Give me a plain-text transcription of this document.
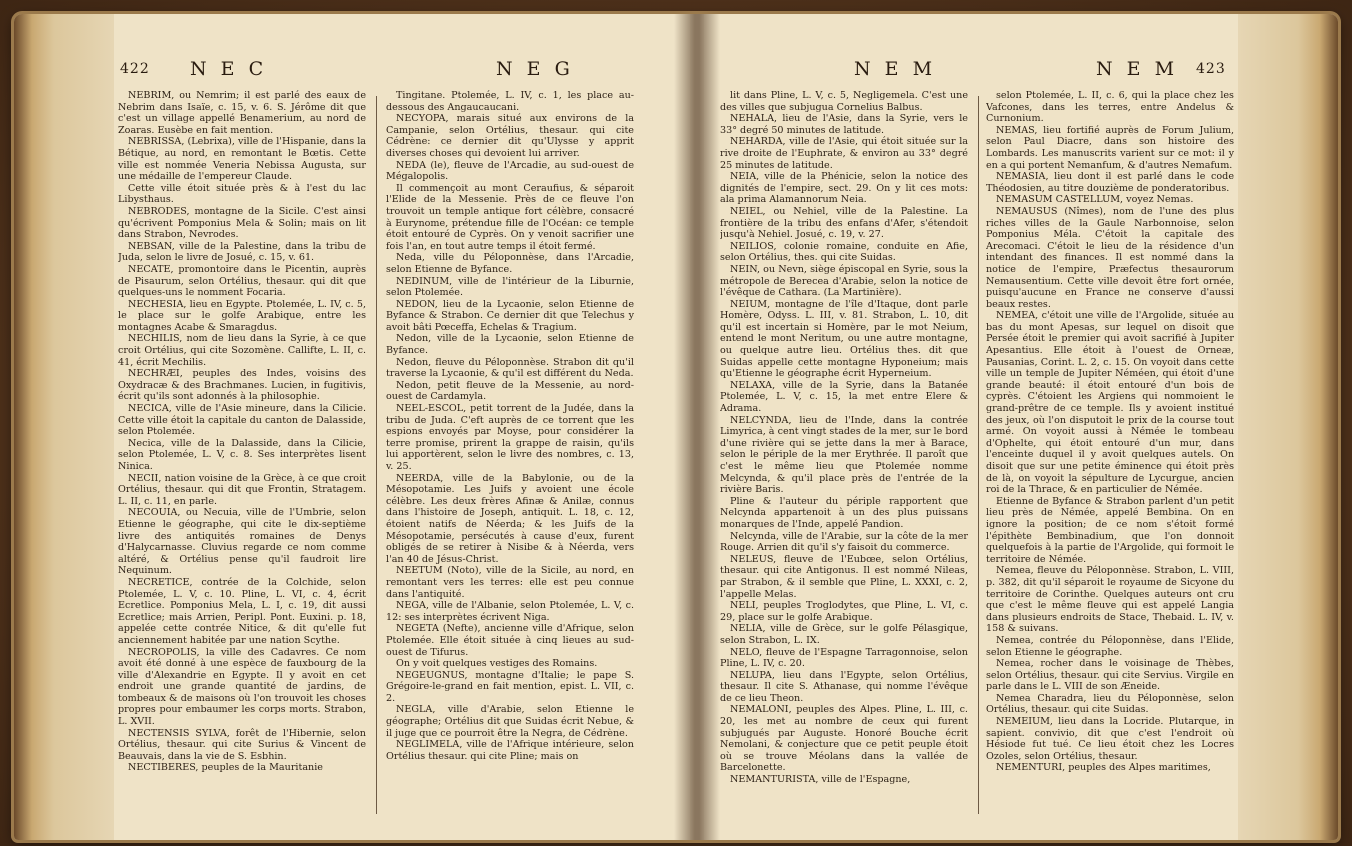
422 N E C	N E G

NEBRIM, ou Nemrim; il est parlé des eaux de Nebrim dans Isaïe, c. 15, v. 6. S. Jérôme dit que c'est un village appellé Benamerium, au nord de Zoaras. Eusèbe en fait mention.

NEBRISSA, (Lebrixa), ville de l'Hispanie, dans la Bétique, au nord, en remontant le Bœtis. Cette ville est nommée Veneria Nebissa Augusta, sur une médaille de l'empereur Claude.

Cette ville étoit située près & à l'est du lac Libysthaus.

NEBRODES, montagne de la Sicile. C'est ainsi qu'écrivent Pomponius Mela & Solin; mais on lit dans Strabon, Nevrodes.

NEBSAN, ville de la Palestine, dans la tribu de Juda, selon le livre de Josué, c. 15, v. 61.

NECATE, promontoire dans le Picentin, auprès de Pisaurum, selon Ortélius, thesaur. qui dit que quelques-uns le nomment Focaria.

NECHESIA, lieu en Egypte. Ptolemée, L. IV, c. 5, le place sur le golfe Arabique, entre les montagnes Acabe & Smaragdus.

NECHILIS, nom de lieu dans la Syrie, à ce que croit Ortélius, qui cite Sozomène. Callifte, L. II, c. 41, écrit Mechilis.

NECHRÆI, peuples des Indes, voisins des Oxydracæ & des Brachmanes. Lucien, in fugitivis, écrit qu'ils sont adonnés à la philosophie.

NECICA, ville de l'Asie mineure, dans la Cilicie. Cette ville étoit la capitale du canton de Dalasside, selon Ptolemée.

Necica, ville de la Dalasside, dans la Cilicie, selon Ptolemée, L. V, c. 8. Ses interprètes lisent Ninica.

NECII, nation voisine de la Grèce, à ce que croit Ortélius, thesaur. qui dit que Frontin, Stratagem. L. II, c. 11, en parle.

NECOUIA, ou Necuia, ville de l'Umbrie, selon Etienne le géographe, qui cite le dix-septième livre des antiquités romaines de Denys d'Halycarnasse. Cluvius regarde ce nom comme altéré, & Ortélius pense qu'il faudroit lire Nequinum.

NECRETICE, contrée de la Colchide, selon Ptolemée, L. V, c. 10. Pline, L. VI, c. 4, écrit Ecretlice. Pomponius Mela, L. I, c. 19, dit aussi Ecretlice; mais Arrien, Peripl. Pont. Euxini. p. 18, appelée cette contrée Nitice, & dit qu'elle fut anciennement habitée par une nation Scythe.

NECROPOLIS, la ville des Cadavres. Ce nom avoit été donné à une espèce de fauxbourg de la ville d'Alexandrie en Egypte. Il y avoit en cet endroit une grande quantité de jardins, de tombeaux & de maisons où l'on trouvoit les choses propres pour embaumer les corps morts. Strabon, L. XVII.

NECTENSIS SYLVA, forêt de l'Hibernie, selon Ortélius, thesaur. qui cite Surius & Vincent de Beauvais, dans la vie de S. Esbhin.

NECTIBERES, peuples de la Mauritanie

Tingitane. Ptolemée, L. IV, c. 1, les place au-dessous des Angaucaucani.

NECYOPA, marais situé aux environs de la Campanie, selon Ortélius, thesaur. qui cite Cédrène: ce dernier dit qu'Ulysse y apprit diverses choses qui devoient lui arriver.

NEDA (le), fleuve de l'Arcadie, au sud-ouest de Mégalopolis.

Il commençoit au mont Ceraufius, & séparoit l'Elide de la Messenie. Près de ce fleuve l'on trouvoit un temple antique fort célèbre, consacré à Eurynome, prétendue fille de l'Océan: ce temple étoit entouré de Cyprès. On y venoit sacrifier une fois l'an, en tout autre temps il étoit fermé.

Neda, ville du Péloponnèse, dans l'Arcadie, selon Etienne de Byfance.

NEDINUM, ville de l'intérieur de la Liburnie, selon Ptolemée.

NEDON, lieu de la Lycaonie, selon Etienne de Byfance & Strabon. Ce dernier dit que Telechus y avoit bâti Pœceffa, Echelas & Tragium.

Nedon, ville de la Lycaonie, selon Etienne de Byfance.

Nedon, fleuve du Péloponnèse. Strabon dit qu'il traverse la Lycaonie, & qu'il est différent du Neda.

Nedon, petit fleuve de la Messenie, au nord-ouest de Cardamyla.

NEEL-ESCOL, petit torrent de la Judée, dans la tribu de Juda. C'eft auprès de ce torrent que les espions envoyés par Moyse, pour considérer la terre promise, prirent la grappe de raisin, qu'ils lui apportèrent, selon le livre des nombres, c. 13, v. 25.

NEERDA, ville de la Babylonie, ou de la Mésopotamie. Les Juifs y avoient une école célèbre. Les deux frères Afinæ & Anilæ, connus dans l'histoire de Joseph, antiquit. L. 18, c. 12, étoient natifs de Néerda; & les Juifs de la Mésopotamie, persécutés à cause d'eux, furent obligés de se retirer à Nisibe & à Néerda, vers l'an 40 de Jésus-Christ.

NEETUM (Noto), ville de la Sicile, au nord, en remontant vers les terres: elle est peu connue dans l'antiquité.

NEGA, ville de l'Albanie, selon Ptolemée, L. V, c. 12: ses interprètes écrivent Niga.

NEGETA (Nefte), ancienne ville d'Afrique, selon Ptolemée. Elle étoit située à cinq lieues au sud-ouest de Tifurus.

On y voit quelques vestiges des Romains.

NEGEUGNUS, montagne d'Italie; le pape S. Grégoire-le-grand en fait mention, epist. L. VII, c. 2.

NEGLA, ville d'Arabie, selon Etienne le géographe; Ortélius dit que Suidas écrit Nebue, & il juge que ce pourroit être la Negra, de Cédrène.

NEGLIMELA, ville de l'Afrique intérieure, selon Ortélius thesaur. qui cite Pline; mais on

N E M	N E M 423

lit dans Pline, L. V, c. 5, Negligemela. C'est une des villes que subjugua Cornelius Balbus.

NEHALA, lieu de l'Asie, dans la Syrie, vers le 33° degré 50 minutes de latitude.

NEHARDA, ville de l'Asie, qui étoit située sur la rive droite de l'Euphrate, & environ au 33° degré 25 minutes de latitude.

NEIA, ville de la Phénicie, selon la notice des dignités de l'empire, sect. 29. On y lit ces mots: ala prima Alamannorum Neia.

NEIEL, ou Nehiel, ville de la Palestine. La frontière de la tribu des enfans d'Afer, s'étendoit jusqu'à Nehiel. Josué, c. 19, v. 27.

NEILIOS, colonie romaine, conduite en Afie, selon Ortélius, thes. qui cite Suidas.

NEIN, ou Nevn, siège épiscopal en Syrie, sous la métropole de Berecea d'Arabie, selon la notice de l'évêque de Cathara. (La Martinière).

NEIUM, montagne de l'île d'Itaque, dont parle Homère, Odyss. L. III, v. 81. Strabon, L. 10, dit qu'il est incertain si Homère, par le mot Neium, entend le mont Neritum, ou une autre montagne, ou quelque autre lieu. Ortélius thes. dit que Suidas appelle cette montagne Hyponeium; mais qu'Etienne le géographe écrit Hyperneium.

NELAXA, ville de la Syrie, dans la Batanée Ptolemée, L. V, c. 15, la met entre Elere & Adrama.

NELCYNDA, lieu de l'Inde, dans la contrée Limyrica, à cent vingt stades de la mer, sur le bord d'une rivière qui se jette dans la mer à Barace, selon le périple de la mer Erythrée. Il paroît que c'est le même lieu que Ptolemée nomme Melcynda, & qu'il place près de l'entrée de la rivière Baris.

Pline & l'auteur du périple rapportent que Nelcynda appartenoit à un des plus puissans monarques de l'Inde, appelé Pandion.

Nelcynda, ville de l'Arabie, sur la côte de la mer Rouge. Arrien dit qu'il s'y faisoit du commerce.

NELEUS, fleuve de l'Eubœe, selon Ortélius, thesaur. qui cite Antigonus. Il est nommé Nileas, par Strabon, & il semble que Pline, L. XXXI, c. 2, l'appelle Melas.

NELI, peuples Troglodytes, que Pline, L. VI, c. 29, place sur le golfe Arabique.

NELIA, ville de Grèce, sur le golfe Pélasgique, selon Strabon, L. IX.

NELO, fleuve de l'Espagne Tarragonnoise, selon Pline, L. IV, c. 20.

NELUPA, lieu dans l'Egypte, selon Ortélius, thesaur. Il cite S. Athanase, qui nomme l'évêque de ce lieu Theon.

NEMALONI, peuples des Alpes. Pline, L. III, c. 20, les met au nombre de ceux qui furent subjugués par Auguste. Honoré Bouche écrit Nemolani, & conjecture que ce petit peuple étoit où se trouve Méolans dans la vallée de Barcelonette.

NEMANTURISTA, ville de l'Espagne,

selon Ptolemée, L. II, c. 6, qui la place chez les Vafcones, dans les terres, entre Andelus & Curnonium.

NEMAS, lieu fortifié auprès de Forum Julium, selon Paul Diacre, dans son histoire des Lombards. Les manuscrits varient sur ce mot: il y en a qui portent Nemanfum, & d'autres Nemafum.

NEMASIA, lieu dont il est parlé dans le code Théodosien, au titre douzième de ponderatoribus.

NEMASUM CASTELLUM, voyez Nemas.

NEMAUSUS (Nîmes), nom de l'une des plus riches villes de la Gaule Narbonnoise, selon Pomponius Méla. C'étoit la capitale des Arecomaci. C'étoit le lieu de la résidence d'un intendant des finances. Il est nommé dans la notice de l'empire, Præfectus thesaurorum Nemausentium. Cette ville devoit être fort ornée, puisqu'aucune en France ne conserve d'aussi beaux restes.

NEMEA, c'étoit une ville de l'Argolide, située au bas du mont Apesas, sur lequel on disoit que Persée étoit le premier qui avoit sacrifié à Jupiter Apesantius. Elle étoit à l'ouest de Orneæ, Pausanias, Corint. L. 2, c. 15. On voyoit dans cette ville un temple de Jupiter Néméen, qui étoit d'une grande beauté: il étoit entouré d'un bois de cyprès. C'étoient les Argiens qui nommoient le grand-prêtre de ce temple. Ils y avoient institué des jeux, où l'on disputoit le prix de la course tout armé. On voyoit aussi à Némée le tombeau d'Ophelte, qui étoit entouré d'un mur, dans l'enceinte duquel il y avoit quelques autels. On disoit que sur une petite éminence qui étoit près de là, on voyoit la sépulture de Lycurgue, ancien roi de la Thrace, & en particulier de Némée.

Etienne de Byfance & Strabon parlent d'un petit lieu près de Némée, appelé Bembina. On en ignore la position; de ce nom s'étoit formé l'épithète Bembinadium, que l'on donnoit quelquefois à la partie de l'Argolide, qui formoit le territoire de Némée.

Nemea, fleuve du Péloponnèse. Strabon, L. VIII, p. 382, dit qu'il séparoit le royaume de Sicyone du territoire de Corinthe. Quelques auteurs ont cru que c'est le même fleuve qui est appelé Langia dans plusieurs endroits de Stace, Thebaid. L. IV, v. 158 & suivans.

Nemea, contrée du Péloponnèse, dans l'Elide, selon Etienne le géographe.

Nemea, rocher dans le voisinage de Thèbes, selon Ortélius, thesaur. qui cite Servius. Virgile en parle dans le L. VIII de son Æneide.

Nemea Charadra, lieu du Péloponnèse, selon Ortélius, thesaur. qui cite Suidas.

NEMEIUM, lieu dans la Locride. Plutarque, in sapient. convivio, dit que c'est l'endroit où Hésiode fut tué. Ce lieu étoit chez les Locres Ozoles, selon Ortélius, thesaur.

NEMENTURI, peuples des Alpes maritimes,
